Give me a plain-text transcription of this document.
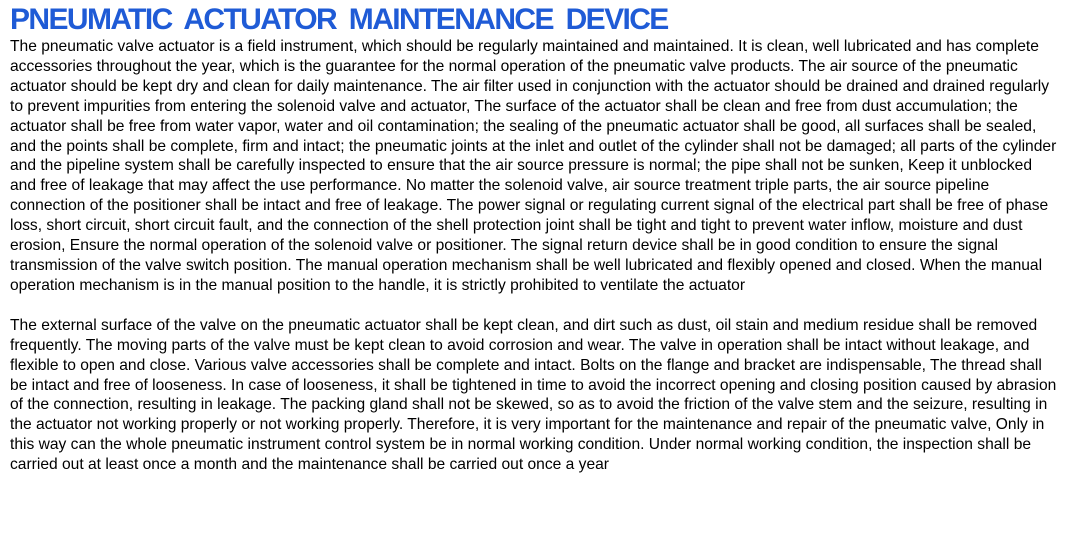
PNEUMATIC ACTUATOR MAINTENANCE DEVICE

The pneumatic valve actuator is a field instrument, which should be regularly maintained and maintained. It is clean, well lubricated and has complete accessories throughout the year, which is the guarantee for the normal operation of the pneumatic valve products. The air source of the pneumatic actuator should be kept dry and clean for daily maintenance. The air filter used in conjunction with the actuator should be drained and drained regularly to prevent impurities from entering the solenoid valve and actuator, The surface of the actuator shall be clean and free from dust accumulation; the actuator shall be free from water vapor, water and oil contamination; the sealing of the pneumatic actuator shall be good, all surfaces shall be sealed, and the points shall be complete, firm and intact; the pneumatic joints at the inlet and outlet of the cylinder shall not be damaged; all parts of the cylinder and the pipeline system shall be carefully inspected to ensure that the air source pressure is normal; the pipe shall not be sunken, Keep it unblocked and free of leakage that may affect the use performance. No matter the solenoid valve, air source treatment triple parts, the air source pipeline connection of the positioner shall be intact and free of leakage. The power signal or regulating current signal of the electrical part shall be free of phase loss, short circuit, short circuit fault, and the connection of the shell protection joint shall be tight and tight to prevent water inflow, moisture and dust erosion, Ensure the normal operation of the solenoid valve or positioner. The signal return device shall be in good condition to ensure the signal transmission of the valve switch position. The manual operation mechanism shall be well lubricated and flexibly opened and closed. When the manual operation mechanism is in the manual position to the handle, it is strictly prohibited to ventilate the actuator

The external surface of the valve on the pneumatic actuator shall be kept clean, and dirt such as dust, oil stain and medium residue shall be removed frequently. The moving parts of the valve must be kept clean to avoid corrosion and wear. The valve in operation shall be intact without leakage, and flexible to open and close. Various valve accessories shall be complete and intact. Bolts on the flange and bracket are indispensable, The thread shall be intact and free of looseness. In case of looseness, it shall be tightened in time to avoid the incorrect opening and closing position caused by abrasion of the connection, resulting in leakage. The packing gland shall not be skewed, so as to avoid the friction of the valve stem and the seizure, resulting in the actuator not working properly or not working properly. Therefore, it is very important for the maintenance and repair of the pneumatic valve, Only in this way can the whole pneumatic instrument control system be in normal working condition. Under normal working condition, the inspection shall be carried out at least once a month and the maintenance shall be carried out once a year
